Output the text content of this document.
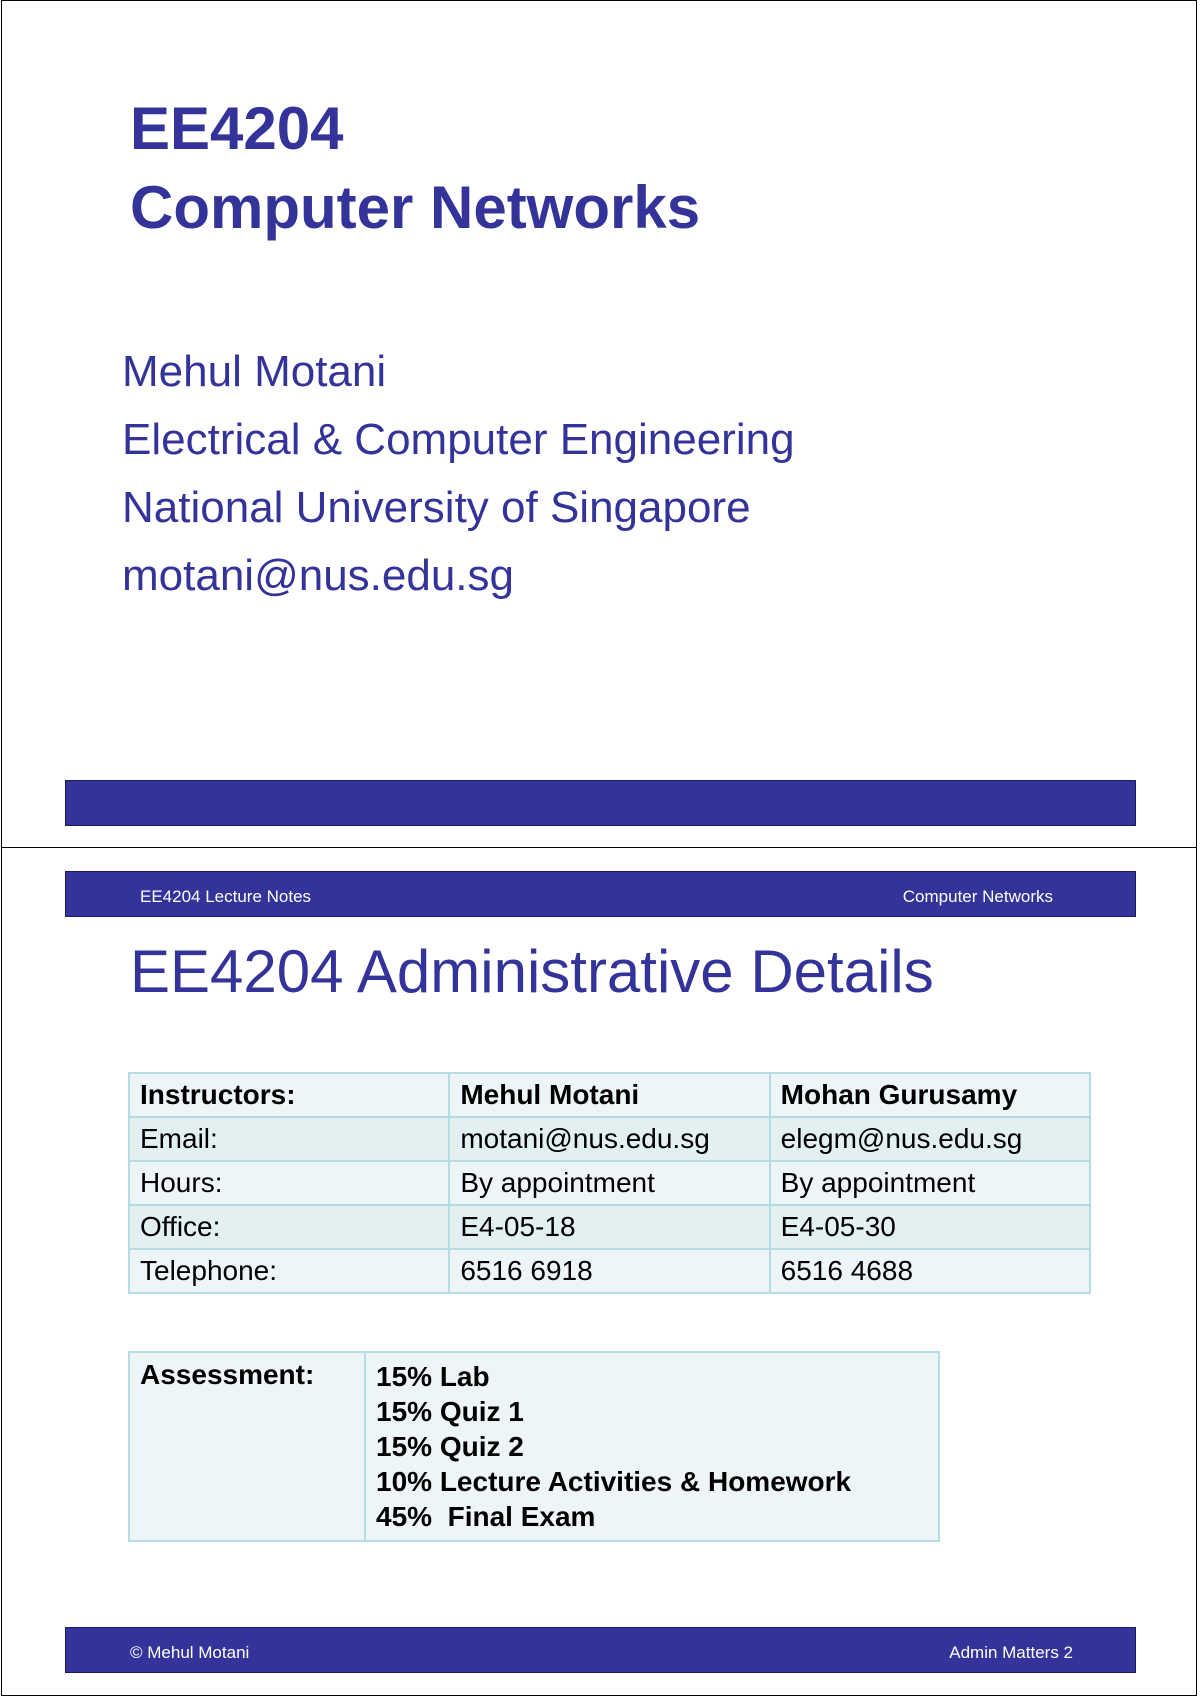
EE4204
Computer Networks
Mehul Motani
Electrical & Computer Engineering
National University of Singapore
motani@nus.edu.sg
EE4204 Lecture Notes	Computer Networks
EE4204 Administrative Details
Instructors:	Mehul Motani	Mohan Gurusamy
Email:	motani@nus.edu.sg	elegm@nus.edu.sg
Hours:	By appointment	By appointment
Office:	E4-05-18	E4-05-30
Telephone:	6516 6918	6516 4688
Assessment:	15% Lab
15% Quiz 1
15% Quiz 2
10% Lecture Activities & Homework
45%  Final Exam
© Mehul Motani	Admin Matters 2
